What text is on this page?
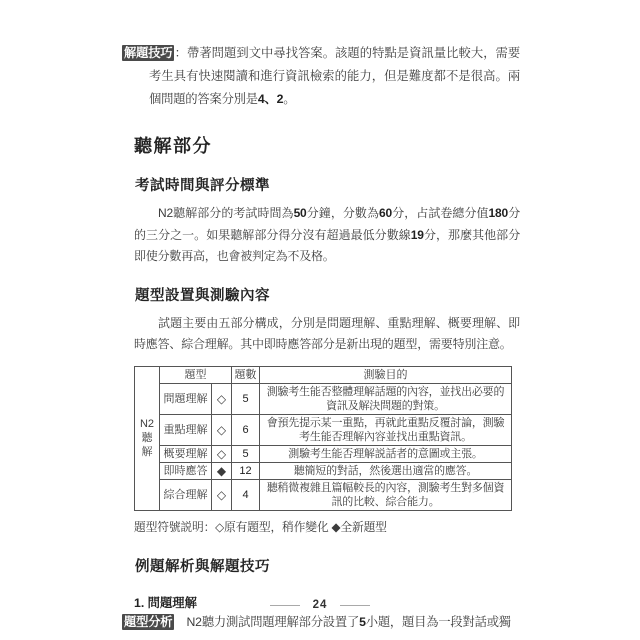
解題技巧 ：帶著問題到文中尋找答案。該題的特點是資訊量比較大，需要考生具有快速閱讀和進行資訊檢索的能力，但是難度都不是很高。兩個問題的答案分別是4、2。

聽解部分
考試時間與評分標準

N2聽解部分的考試時間為50分鐘，分數為60分，占試卷總分值180分的三分之一。如果聽解部分得分沒有超過最低分數線19分，那麼其他部分即使分數再高，也會被判定為不及格。

題型設置與測驗內容

試題主要由五部分構成，分別是問題理解、重點理解、概要理解、即時應答、綜合理解。其中即時應答部分是新出現的題型，需要特別注意。

N2
聽
解	題型		題數	測驗目的
	問題理解	◇	5	測驗考生能否整體理解話題的內容，並找出必要的資訊及解決問題的對策。
	重點理解	◇	6	會預先提示某一重點，再就此重點反覆討論，測驗考生能否理解內容並找出重點資訊。
	概要理解	◇	5	測驗考生能否理解説話者的意圖或主張。
	即時應答	◆	12	聽簡短的對話，然後選出適當的應答。
	綜合理解	◇	4	聽稍微複雜且篇幅較長的內容，測驗考生對多個資訊的比較、綜合能力。

題型符號説明：◇原有題型，稍作變化 ◆全新題型

例題解析與解題技巧
1. 問題理解

題型分析　 N2聽力測試問題理解部分設置了5小題，題目為一段對話或獨

24
